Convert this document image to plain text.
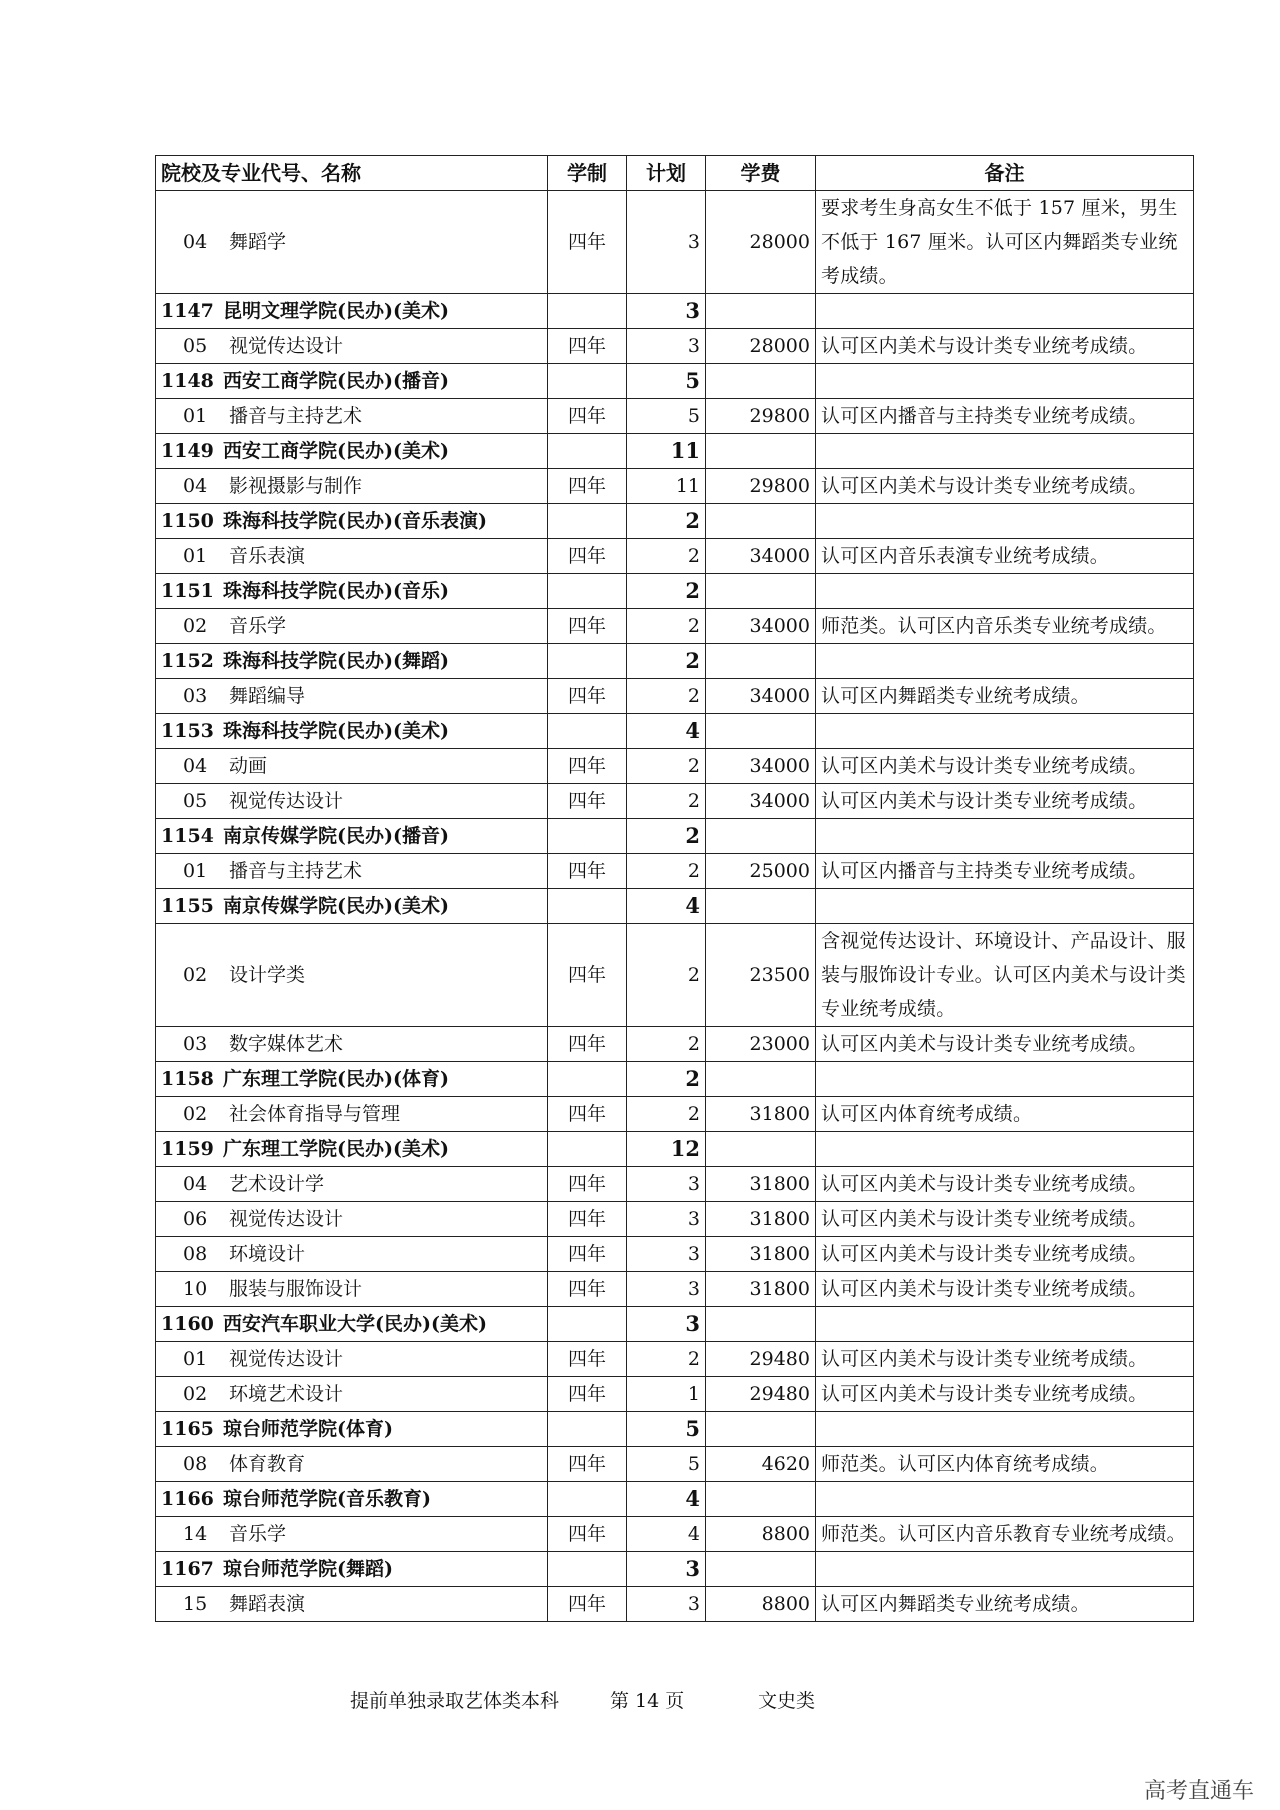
院校及专业代号、名称	学制	计划	学费	备注
04 舞蹈学	四年	3	28000	要求考生身高女生不低于 157 厘米，男生不低于 167 厘米。认可区内舞蹈类专业统考成绩。
1147 昆明文理学院(民办)(美术)		3		
05 视觉传达设计	四年	3	28000	认可区内美术与设计类专业统考成绩。
1148 西安工商学院(民办)(播音)		5		
01 播音与主持艺术	四年	5	29800	认可区内播音与主持类专业统考成绩。
1149 西安工商学院(民办)(美术)		11		
04 影视摄影与制作	四年	11	29800	认可区内美术与设计类专业统考成绩。
1150 珠海科技学院(民办)(音乐表演)		2		
01 音乐表演	四年	2	34000	认可区内音乐表演专业统考成绩。
1151 珠海科技学院(民办)(音乐)		2		
02 音乐学	四年	2	34000	师范类。认可区内音乐类专业统考成绩。
1152 珠海科技学院(民办)(舞蹈)		2		
03 舞蹈编导	四年	2	34000	认可区内舞蹈类专业统考成绩。
1153 珠海科技学院(民办)(美术)		4		
04 动画	四年	2	34000	认可区内美术与设计类专业统考成绩。
05 视觉传达设计	四年	2	34000	认可区内美术与设计类专业统考成绩。
1154 南京传媒学院(民办)(播音)		2		
01 播音与主持艺术	四年	2	25000	认可区内播音与主持类专业统考成绩。
1155 南京传媒学院(民办)(美术)		4		
02 设计学类	四年	2	23500	含视觉传达设计、环境设计、产品设计、服装与服饰设计专业。认可区内美术与设计类专业统考成绩。
03 数字媒体艺术	四年	2	23000	认可区内美术与设计类专业统考成绩。
1158 广东理工学院(民办)(体育)		2		
02 社会体育指导与管理	四年	2	31800	认可区内体育统考成绩。
1159 广东理工学院(民办)(美术)		12		
04 艺术设计学	四年	3	31800	认可区内美术与设计类专业统考成绩。
06 视觉传达设计	四年	3	31800	认可区内美术与设计类专业统考成绩。
08 环境设计	四年	3	31800	认可区内美术与设计类专业统考成绩。
10 服装与服饰设计	四年	3	31800	认可区内美术与设计类专业统考成绩。
1160 西安汽车职业大学(民办)(美术)		3		
01 视觉传达设计	四年	2	29480	认可区内美术与设计类专业统考成绩。
02 环境艺术设计	四年	1	29480	认可区内美术与设计类专业统考成绩。
1165 琼台师范学院(体育)		5		
08 体育教育	四年	5	4620	师范类。认可区内体育统考成绩。
1166 琼台师范学院(音乐教育)		4		
14 音乐学	四年	4	8800	师范类。认可区内音乐教育专业统考成绩。
1167 琼台师范学院(舞蹈)		3		
15 舞蹈表演	四年	3	8800	认可区内舞蹈类专业统考成绩。
提前单独录取艺体类本科	第 14 页	文史类
高考直通车
